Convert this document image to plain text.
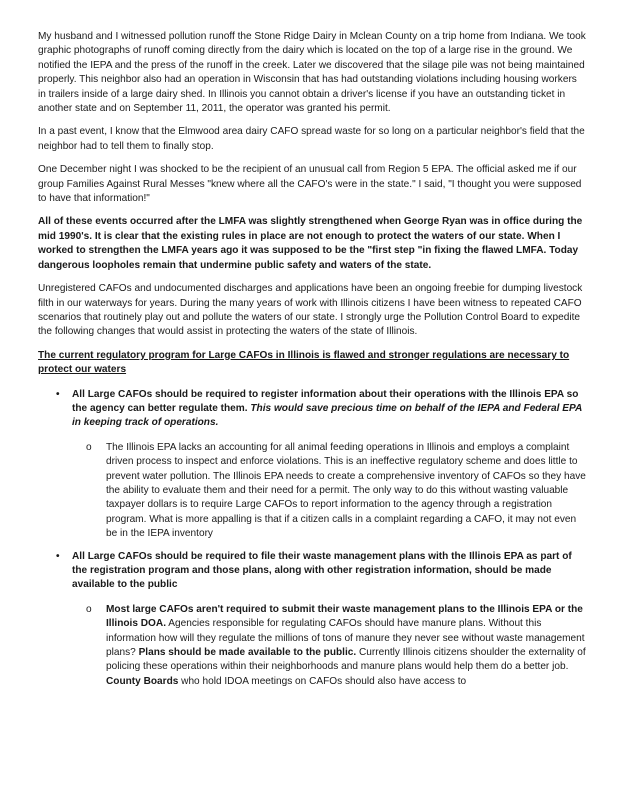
My husband and I witnessed pollution runoff the Stone Ridge Dairy in Mclean County on a trip home from Indiana. We took graphic photographs of runoff coming directly from the dairy which is located on the top of a large rise in the ground. We notified the IEPA and the press of the runoff in the creek. Later we discovered that the silage pile was not being maintained properly. This neighbor also had an operation in Wisconsin that has had outstanding violations including housing workers in trailers inside of a large dairy shed. In Illinois you cannot obtain a driver's license if you have an outstanding ticket in another state and on September 11, 2011, the operator was granted his permit.

In a past event, I know that the Elmwood area dairy CAFO spread waste for so long on a particular neighbor's field that the neighbor had to tell them to finally stop.

One December night I was shocked to be the recipient of an unusual call from Region 5 EPA. The official asked me if our group Families Against Rural Messes "knew where all the CAFO's were in the state." I said, "I thought you were supposed to have that information!"

All of these events occurred after the LMFA was slightly strengthened when George Ryan was in office during the mid 1990's. It is clear that the existing rules in place are not enough to protect the waters of our state. When I worked to strengthen the LMFA years ago it was supposed to be the "first step "in fixing the flawed LMFA. Today dangerous loopholes remain that undermine public safety and waters of the state.

Unregistered CAFOs and undocumented discharges and applications have been an ongoing freebie for dumping livestock filth in our waterways for years. During the many years of work with Illinois citizens I have been witness to repeated CAFO scenarios that routinely play out and pollute the waters of our state. I strongly urge the Pollution Control Board to expedite the following changes that would assist in protecting the waters of the state of Illinois.

The current regulatory program for Large CAFOs in Illinois is flawed and stronger regulations are necessary to protect our waters

• All Large CAFOs should be required to register information about their operations with the Illinois EPA so the agency can better regulate them. This would save precious time on behalf of the IEPA and Federal EPA in keeping track of operations.
o The Illinois EPA lacks an accounting for all animal feeding operations in Illinois and employs a complaint driven process to inspect and enforce violations. This is an ineffective regulatory scheme and does little to prevent water pollution. The Illinois EPA needs to create a comprehensive inventory of CAFOs so they have the ability to evaluate them and their need for a permit. The only way to do this without wasting valuable taxpayer dollars is to require Large CAFOs to report information to the agency through a registration program. What is more appalling is that if a citizen calls in a complaint regarding a CAFO, it may not even be in the IEPA inventory
• All Large CAFOs should be required to file their waste management plans with the Illinois EPA as part of the registration program and those plans, along with other registration information, should be made available to the public
o Most large CAFOs aren't required to submit their waste management plans to the Illinois EPA or the Illinois DOA. Agencies responsible for regulating CAFOs should have manure plans. Without this information how will they regulate the millions of tons of manure they never see without waste management plans? Plans should be made available to the public. Currently Illinois citizens shoulder the externality of policing these operations within their neighborhoods and manure plans would help them do a better job. County Boards who hold IDOA meetings on CAFOs should also have access to
